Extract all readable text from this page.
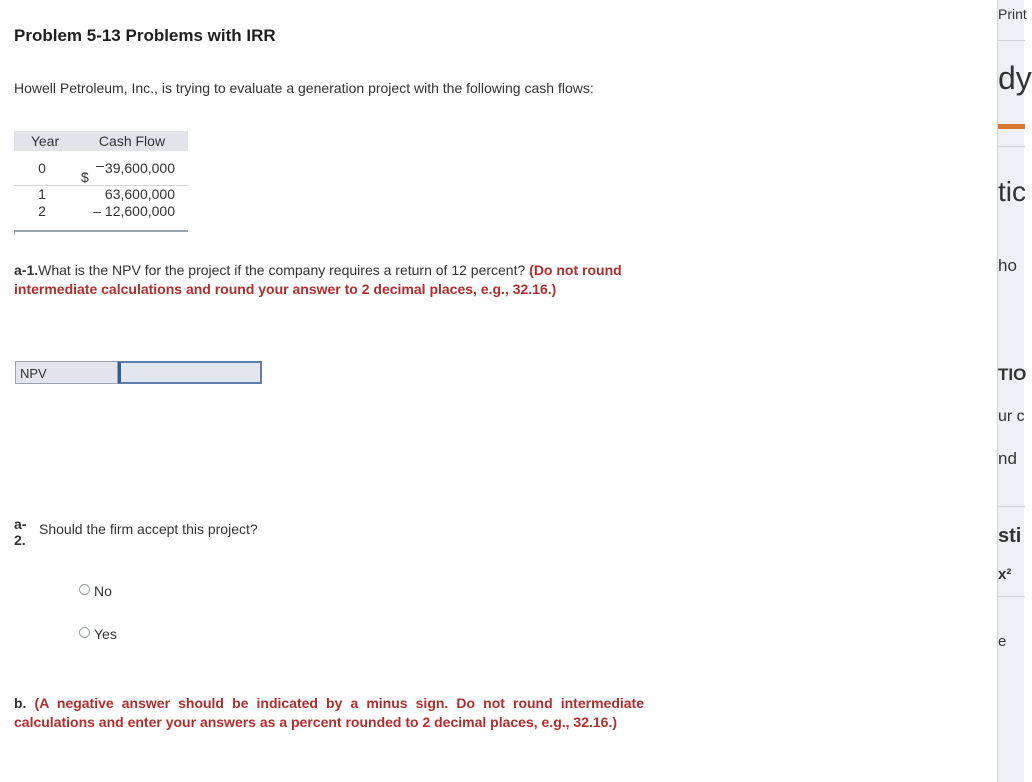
Problem 5-13 Problems with IRR
Howell Petroleum, Inc., is trying to evaluate a generation project with the following cash flows:
Year	Cash Flow
0	39,600,000
1	63,600,000
2	– 12,600,000
$
a-1.What is the NPV for the project if the company requires a return of 12 percent? (Do not round intermediate calculations and round your answer to 2 decimal places, e.g., 32.16.)
NPV
a-
2.
Should the firm accept this project?
No
Yes
b. (A negative answer should be indicated by a minus sign. Do not round intermediate calculations and enter your answers as a percent rounded to 2 decimal places, e.g., 32.16.)
Print
dy
tic
ho
TIO
ur c
nd
sti
x²
e
